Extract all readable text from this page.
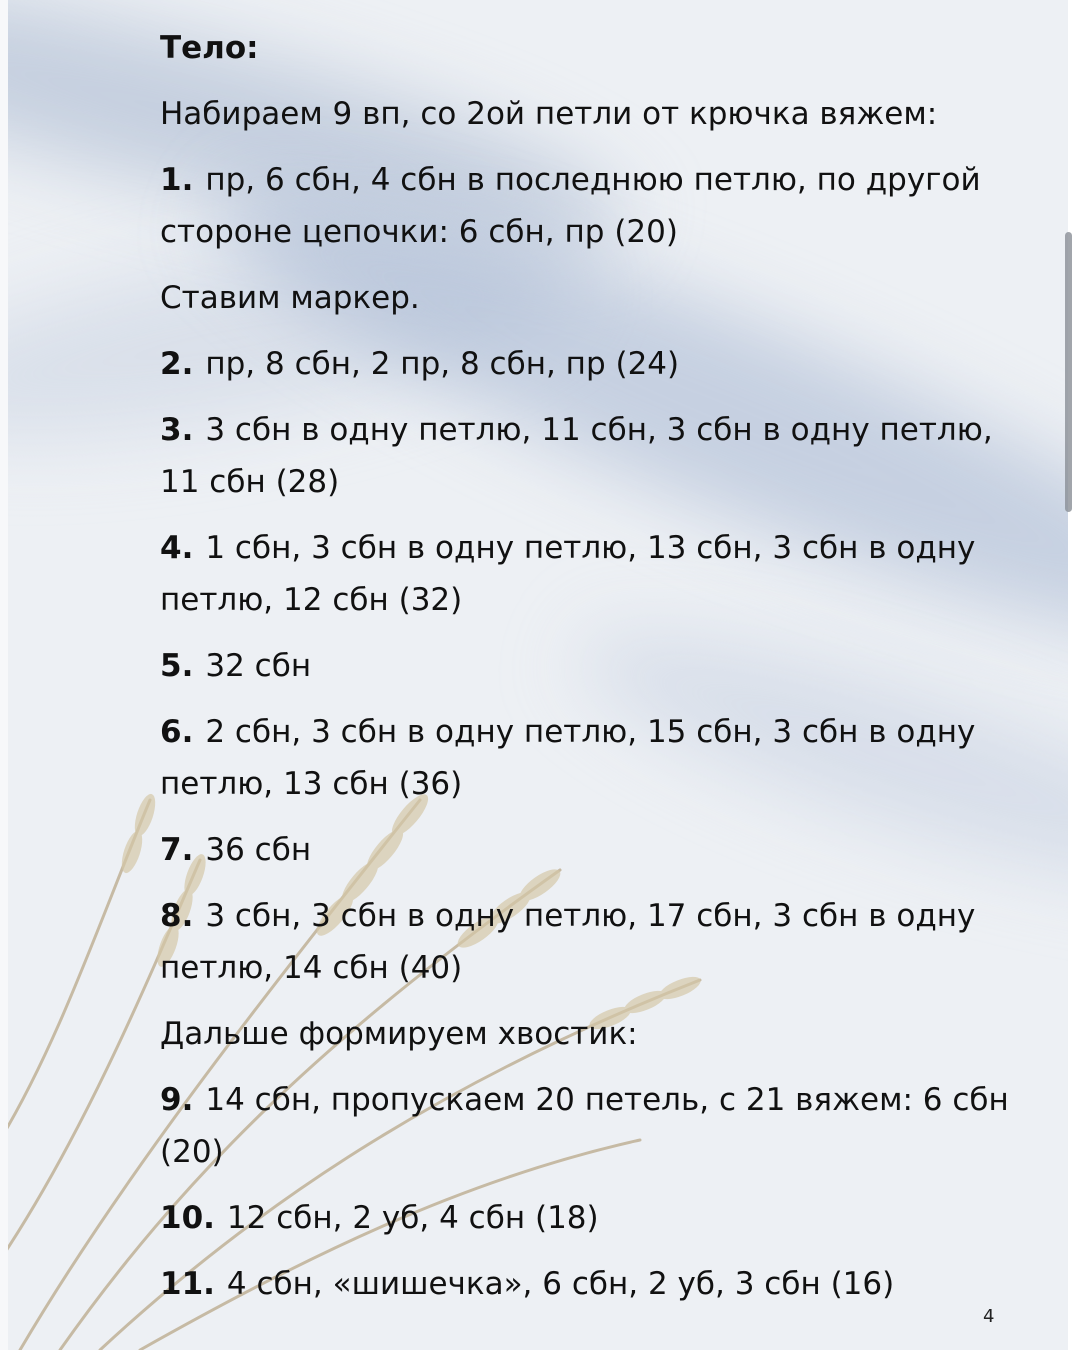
Тело:
Набираем 9 вп, со 2ой петли от крючка вяжем:
1. пр, 6 сбн, 4 сбн в последнюю петлю, по другой стороне цепочки: 6 сбн, пр (20)
Ставим маркер.
2. пр, 8 сбн, 2 пр, 8 сбн, пр (24)
3. 3 сбн в одну петлю, 11 сбн, 3 сбн в одну петлю, 11 сбн (28)
4. 1 сбн, 3 сбн в одну петлю, 13 сбн, 3 сбн в одну петлю, 12 сбн (32)
5. 32 сбн
6. 2 сбн, 3 сбн в одну петлю, 15 сбн, 3 сбн в одну петлю, 13 сбн (36)
7. 36 сбн
8. 3 сбн, 3 сбн в одну петлю, 17 сбн, 3 сбн в одну петлю, 14 сбн (40)
Дальше формируем хвостик:
9. 14 сбн, пропускаем 20 петель, с 21 вяжем: 6 сбн (20)
10. 12 сбн, 2 уб, 4 сбн (18)
11. 4 сбн, «шишечка», 6 сбн, 2 уб, 3 сбн (16)
4
